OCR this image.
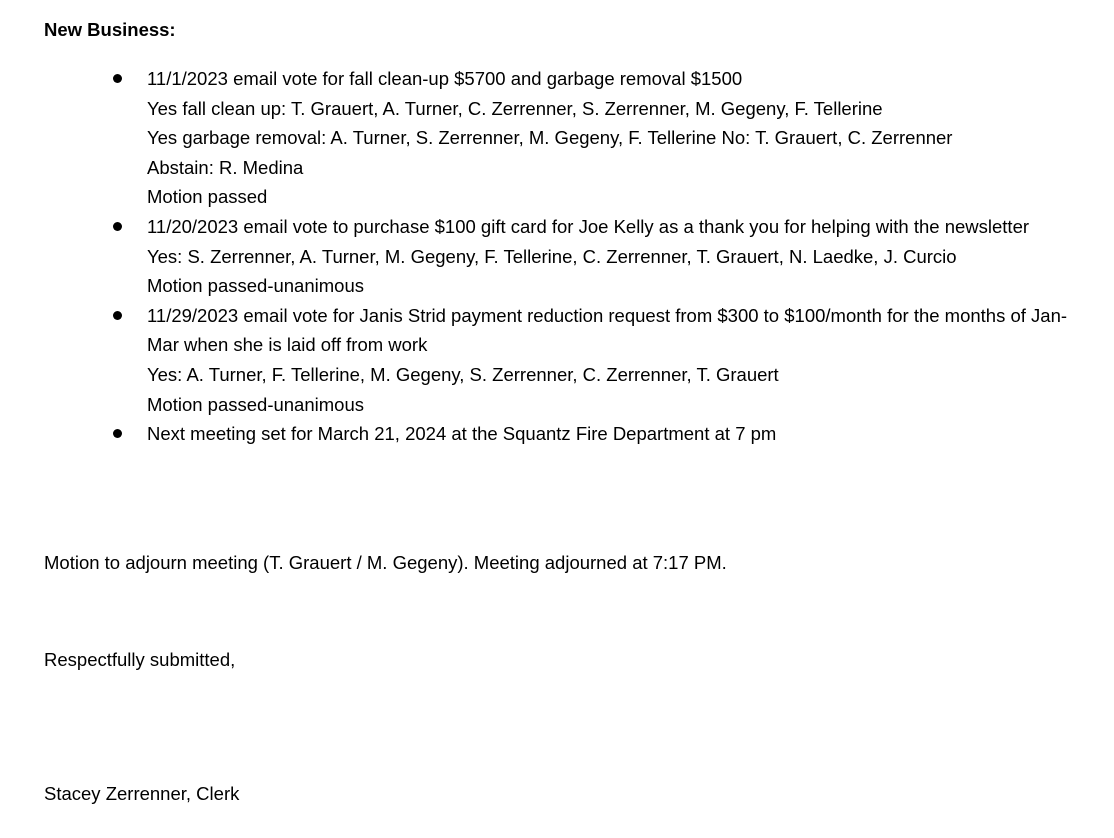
New Business:
11/1/2023 email vote for fall clean-up $5700 and garbage removal $1500
Yes fall clean up: T. Grauert, A. Turner, C. Zerrenner, S. Zerrenner, M. Gegeny, F. Tellerine
Yes garbage removal: A. Turner, S. Zerrenner, M. Gegeny, F. Tellerine No: T. Grauert, C. Zerrenner
Abstain: R. Medina
Motion passed
11/20/2023 email vote to purchase $100 gift card for Joe Kelly as a thank you for helping with the newsletter
Yes: S. Zerrenner, A. Turner, M. Gegeny, F. Tellerine, C. Zerrenner, T. Grauert, N. Laedke, J. Curcio
Motion passed-unanimous
11/29/2023 email vote for Janis Strid payment reduction request from $300 to $100/month for the months of Jan-Mar when she is laid off from work
Yes: A. Turner, F. Tellerine, M. Gegeny, S. Zerrenner, C. Zerrenner, T. Grauert
Motion passed-unanimous
Next meeting set for March 21, 2024 at the Squantz Fire Department at 7 pm
Motion to adjourn meeting (T. Grauert / M. Gegeny). Meeting adjourned at 7:17 PM.
Respectfully submitted,
Stacey Zerrenner, Clerk
